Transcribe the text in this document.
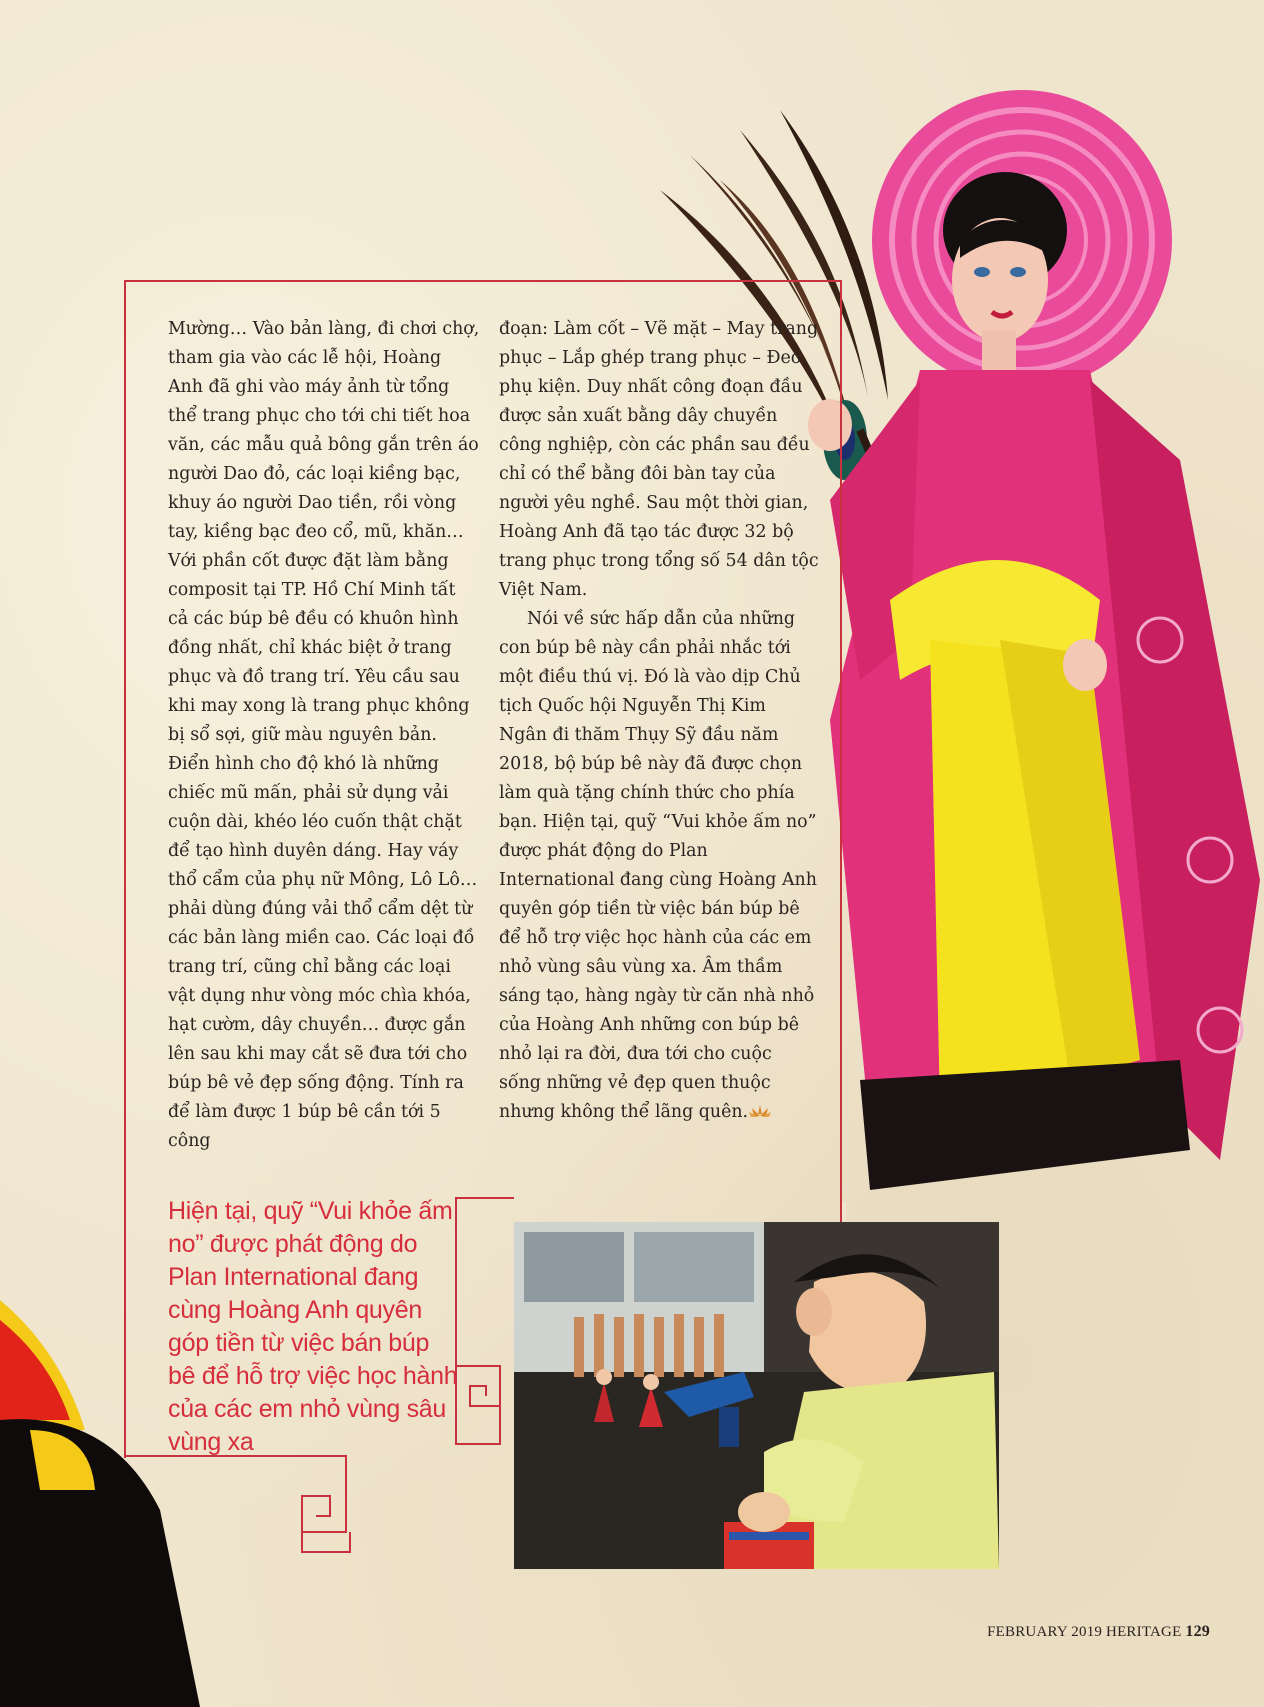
Mường… Vào bản làng, đi chơi chợ, tham gia vào các lễ hội, Hoàng Anh đã ghi vào máy ảnh từ tổng thể trang phục cho tới chi tiết hoa văn, các mẫu quả bông gắn trên áo người Dao đỏ, các loại kiềng bạc, khuy áo người Dao tiền, rồi vòng tay, kiềng bạc đeo cổ, mũ, khăn… Với phần cốt được đặt làm bằng composit tại TP. Hồ Chí Minh tất cả các búp bê đều có khuôn hình đồng nhất, chỉ khác biệt ở trang phục và đồ trang trí. Yêu cầu sau khi may xong là trang phục không bị sổ sợi, giữ màu nguyên bản. Điển hình cho độ khó là những chiếc mũ mấn, phải sử dụng vải cuộn dài, khéo léo cuốn thật chặt để tạo hình duyên dáng. Hay váy thổ cẩm của phụ nữ Mông, Lô Lô… phải dùng đúng vải thổ cẩm dệt từ các bản làng miền cao. Các loại đồ trang trí, cũng chỉ bằng các loại vật dụng như vòng móc chìa khóa, hạt cườm, dây chuyền… được gắn lên sau khi may cắt sẽ đưa tới cho búp bê vẻ đẹp sống động. Tính ra để làm được 1 búp bê cần tới 5 công

đoạn: Làm cốt – Vẽ mặt – May trang phục – Lắp ghép trang phục – Đeo phụ kiện. Duy nhất công đoạn đầu được sản xuất bằng dây chuyền công nghiệp, còn các phần sau đều chỉ có thể bằng đôi bàn tay của người yêu nghề. Sau một thời gian, Hoàng Anh đã tạo tác được 32 bộ trang phục trong tổng số 54 dân tộc Việt Nam.

Nói về sức hấp dẫn của những con búp bê này cần phải nhắc tới một điều thú vị. Đó là vào dịp Chủ tịch Quốc hội Nguyễn Thị Kim Ngân đi thăm Thụy Sỹ đầu năm 2018, bộ búp bê này đã được chọn làm quà tặng chính thức cho phía bạn. Hiện tại, quỹ “Vui khỏe ấm no” được phát động do Plan International đang cùng Hoàng Anh quyên góp tiền từ việc bán búp bê để hỗ trợ việc học hành của các em nhỏ vùng sâu vùng xa. Âm thầm sáng tạo, hàng ngày từ căn nhà nhỏ của Hoàng Anh những con búp bê nhỏ lại ra đời, đưa tới cho cuộc sống những vẻ đẹp quen thuộc nhưng không thể lãng quên.

Hiện tại, quỹ “Vui khỏe ấm no” được phát động do Plan International đang cùng Hoàng Anh quyên góp tiền từ việc bán búp bê để hỗ trợ việc học hành của các em nhỏ vùng sâu vùng xa
FEBRUARY 2019 HERITAGE 129
